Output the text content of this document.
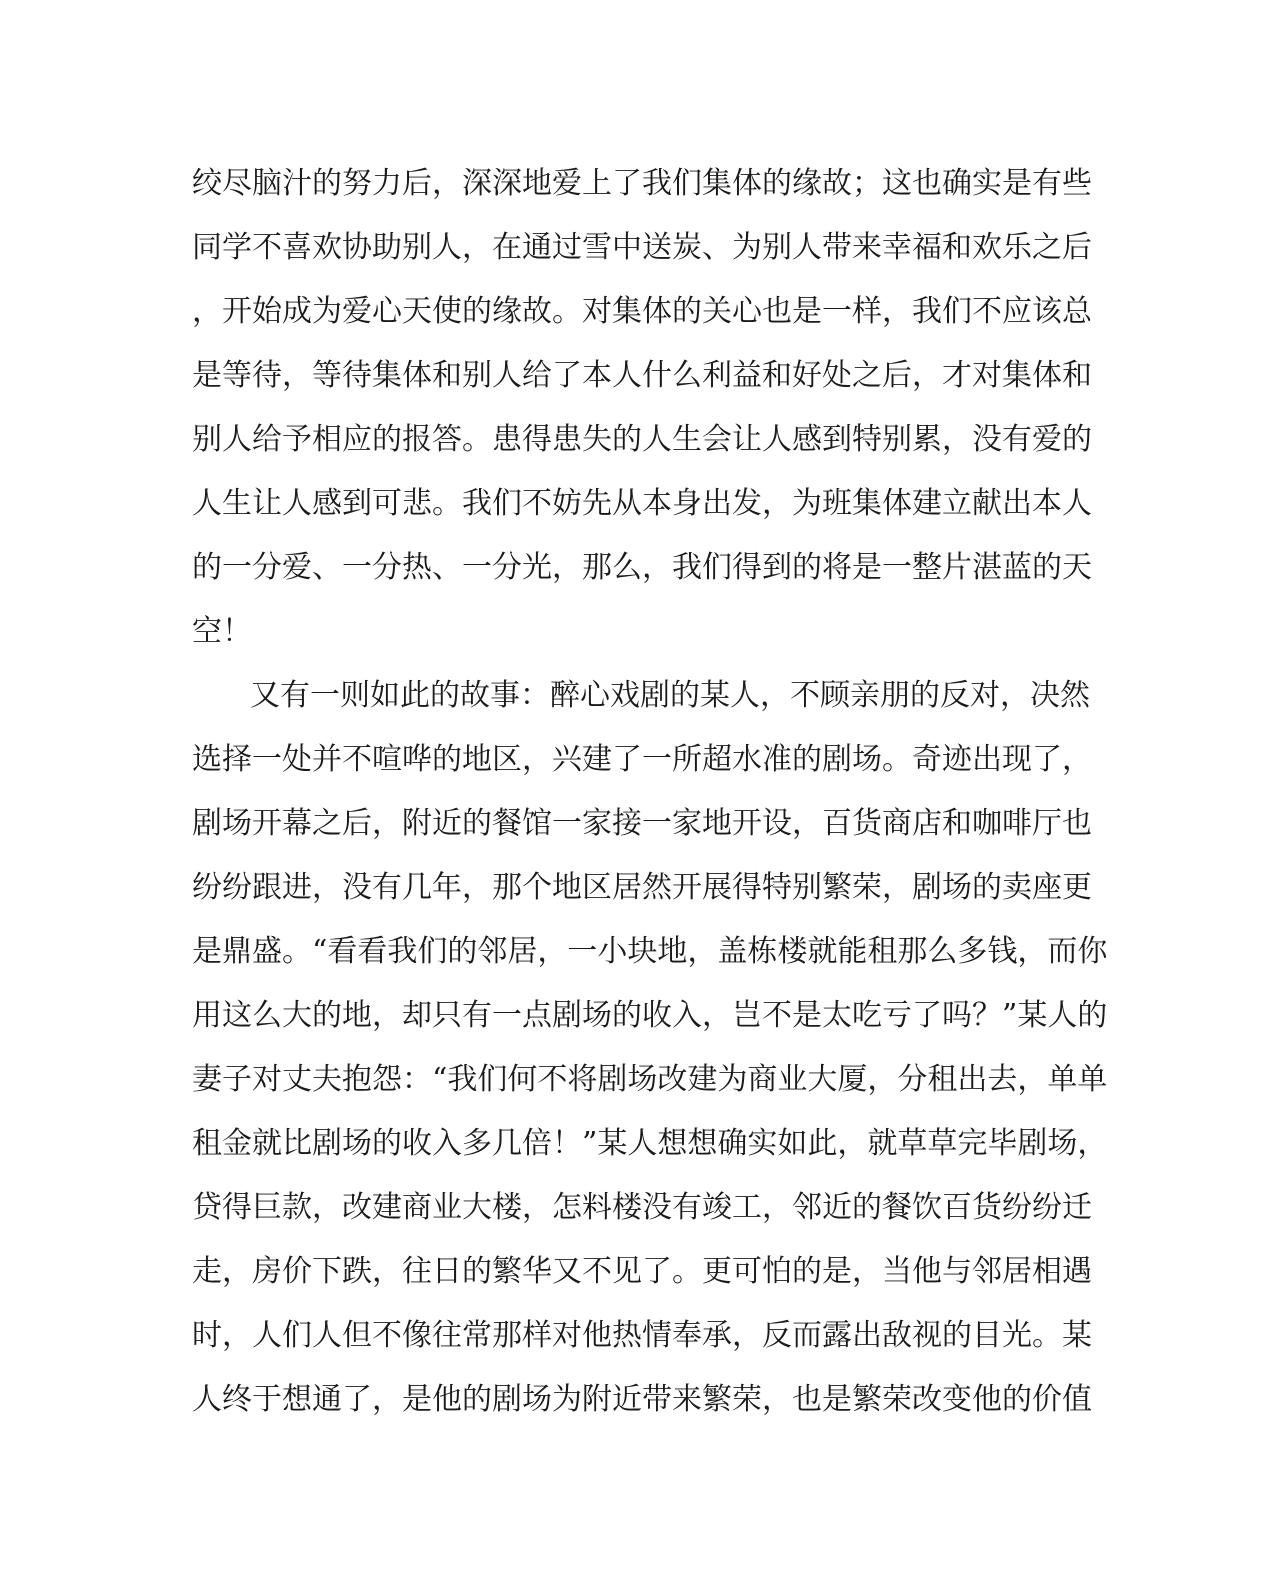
绞尽脑汁的努力后，深深地爱上了我们集体的缘故；这也确实是有些
同学不喜欢协助别人，在通过雪中送炭、为别人带来幸福和欢乐之后
，开始成为爱心天使的缘故。对集体的关心也是一样，我们不应该总
是等待，等待集体和别人给了本人什么利益和好处之后，才对集体和
别人给予相应的报答。患得患失的人生会让人感到特别累，没有爱的
人生让人感到可悲。我们不妨先从本身出发，为班集体建立献出本人
的一分爱、一分热、一分光，那么，我们得到的将是一整片湛蓝的天
空！
又有一则如此的故事：醉心戏剧的某人，不顾亲朋的反对，决然
选择一处并不喧哗的地区，兴建了一所超水准的剧场。奇迹出现了，
剧场开幕之后，附近的餐馆一家接一家地开设，百货商店和咖啡厅也
纷纷跟进，没有几年，那个地区居然开展得特别繁荣，剧场的卖座更
是鼎盛。“看看我们的邻居，一小块地，盖栋楼就能租那么多钱，而你
用这么大的地，却只有一点剧场的收入，岂不是太吃亏了吗？”某人的
妻子对丈夫抱怨：“我们何不将剧场改建为商业大厦，分租出去，单单
租金就比剧场的收入多几倍！”某人想想确实如此，就草草完毕剧场，
贷得巨款，改建商业大楼，怎料楼没有竣工，邻近的餐饮百货纷纷迁
走，房价下跌，往日的繁华又不见了。更可怕的是，当他与邻居相遇
时，人们人但不像往常那样对他热情奉承，反而露出敌视的目光。某
人终于想通了，是他的剧场为附近带来繁荣，也是繁荣改变他的价值
